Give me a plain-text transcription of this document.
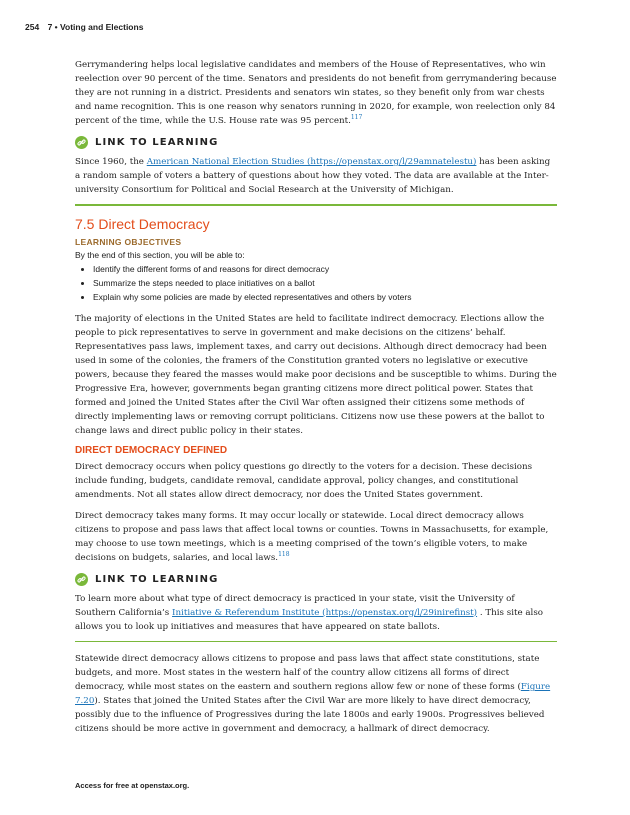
254 7 • Voting and Elections

Gerrymandering helps local legislative candidates and members of the House of Representatives, who win reelection over 90 percent of the time. Senators and presidents do not benefit from gerrymandering because they are not running in a district. Presidents and senators win states, so they benefit only from war chests and name recognition. This is one reason why senators running in 2020, for example, won reelection only 84 percent of the time, while the U.S. House rate was 95 percent.$^{117}$

LINK TO LEARNING

Since 1960, the American National Election Studies (https://openstax.org/l/29amnatelestu) has been asking a random sample of voters a battery of questions about how they voted. The data are available at the Inter-university Consortium for Political and Social Research at the University of Michigan.

7.5 Direct Democracy
LEARNING OBJECTIVES
By the end of this section, you will be able to:
• Identify the different forms of and reasons for direct democracy
• Summarize the steps needed to place initiatives on a ballot
• Explain why some policies are made by elected representatives and others by voters

The majority of elections in the United States are held to facilitate indirect democracy. Elections allow the people to pick representatives to serve in government and make decisions on the citizens’ behalf. Representatives pass laws, implement taxes, and carry out decisions. Although direct democracy had been used in some of the colonies, the framers of the Constitution granted voters no legislative or executive powers, because they feared the masses would make poor decisions and be susceptible to whims. During the Progressive Era, however, governments began granting citizens more direct political power. States that formed and joined the United States after the Civil War often assigned their citizens some methods of directly implementing laws or removing corrupt politicians. Citizens now use these powers at the ballot to change laws and direct public policy in their states.

DIRECT DEMOCRACY DEFINED

Direct democracy occurs when policy questions go directly to the voters for a decision. These decisions include funding, budgets, candidate removal, candidate approval, policy changes, and constitutional amendments. Not all states allow direct democracy, nor does the United States government.

Direct democracy takes many forms. It may occur locally or statewide. Local direct democracy allows citizens to propose and pass laws that affect local towns or counties. Towns in Massachusetts, for example, may choose to use town meetings, which is a meeting comprised of the town’s eligible voters, to make decisions on budgets, salaries, and local laws.$^{118}$

LINK TO LEARNING

To learn more about what type of direct democracy is practiced in your state, visit the University of Southern California’s Initiative & Referendum Institute (https://openstax.org/l/29inirefinst) . This site also allows you to look up initiatives and measures that have appeared on state ballots.

Statewide direct democracy allows citizens to propose and pass laws that affect state constitutions, state budgets, and more. Most states in the western half of the country allow citizens all forms of direct democracy, while most states on the eastern and southern regions allow few or none of these forms (Figure 7.20). States that joined the United States after the Civil War are more likely to have direct democracy, possibly due to the influence of Progressives during the late 1800s and early 1900s. Progressives believed citizens should be more active in government and democracy, a hallmark of direct democracy.

Access for free at openstax.org.
